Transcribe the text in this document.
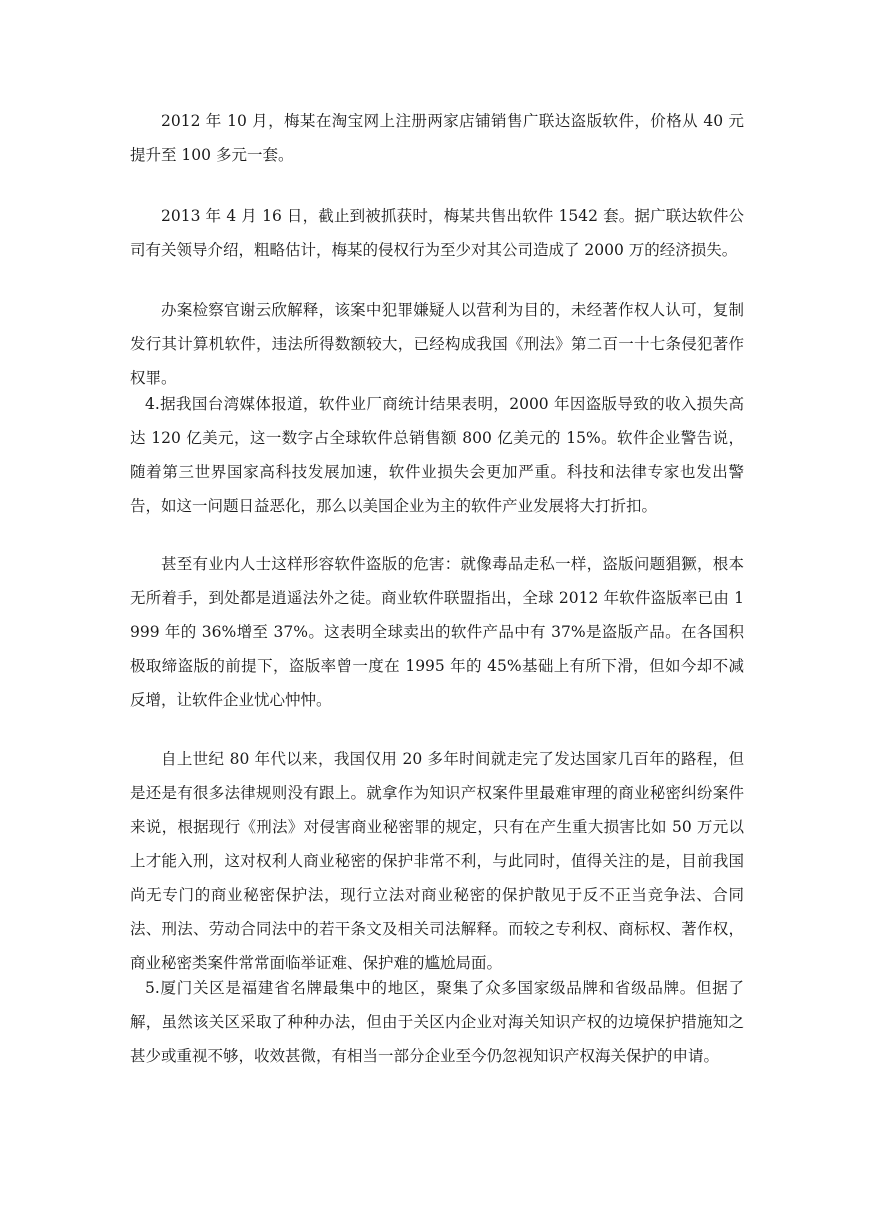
2012 年 10 月，梅某在淘宝网上注册两家店铺销售广联达盗版软件，价格从 40 元提升至 100 多元一套。

2013 年 4 月 16 日，截止到被抓获时，梅某共售出软件 1542 套。据广联达软件公司有关领导介绍，粗略估计，梅某的侵权行为至少对其公司造成了 2000 万的经济损失。

办案检察官谢云欣解释，该案中犯罪嫌疑人以营利为目的，未经著作权人认可，复制发行其计算机软件，违法所得数额较大，已经构成我国《刑法》第二百一十七条侵犯著作权罪。

4.据我国台湾媒体报道，软件业厂商统计结果表明，2000 年因盗版导致的收入损失高达 120 亿美元，这一数字占全球软件总销售额 800 亿美元的 15%。软件企业警告说，随着第三世界国家高科技发展加速，软件业损失会更加严重。科技和法律专家也发出警告，如这一问题日益恶化，那么以美国企业为主的软件产业发展将大打折扣。

甚至有业内人士这样形容软件盗版的危害：就像毒品走私一样，盗版问题猖獗，根本无所着手，到处都是逍遥法外之徒。商业软件联盟指出，全球 2012 年软件盗版率已由 1999 年的 36%增至 37%。这表明全球卖出的软件产品中有 37%是盗版产品。在各国积极取缔盗版的前提下，盗版率曾一度在 1995 年的 45%基础上有所下滑，但如今却不减反增，让软件企业忧心忡忡。

自上世纪 80 年代以来，我国仅用 20 多年时间就走完了发达国家几百年的路程，但是还是有很多法律规则没有跟上。就拿作为知识产权案件里最难审理的商业秘密纠纷案件来说，根据现行《刑法》对侵害商业秘密罪的规定，只有在产生重大损害比如 50 万元以上才能入刑，这对权利人商业秘密的保护非常不利，与此同时，值得关注的是，目前我国尚无专门的商业秘密保护法，现行立法对商业秘密的保护散见于反不正当竞争法、合同法、刑法、劳动合同法中的若干条文及相关司法解释。而较之专利权、商标权、著作权，商业秘密类案件常常面临举证难、保护难的尴尬局面。

5.厦门关区是福建省名牌最集中的地区，聚集了众多国家级品牌和省级品牌。但据了解，虽然该关区采取了种种办法，但由于关区内企业对海关知识产权的边境保护措施知之甚少或重视不够，收效甚微，有相当一部分企业至今仍忽视知识产权海关保护的申请。
